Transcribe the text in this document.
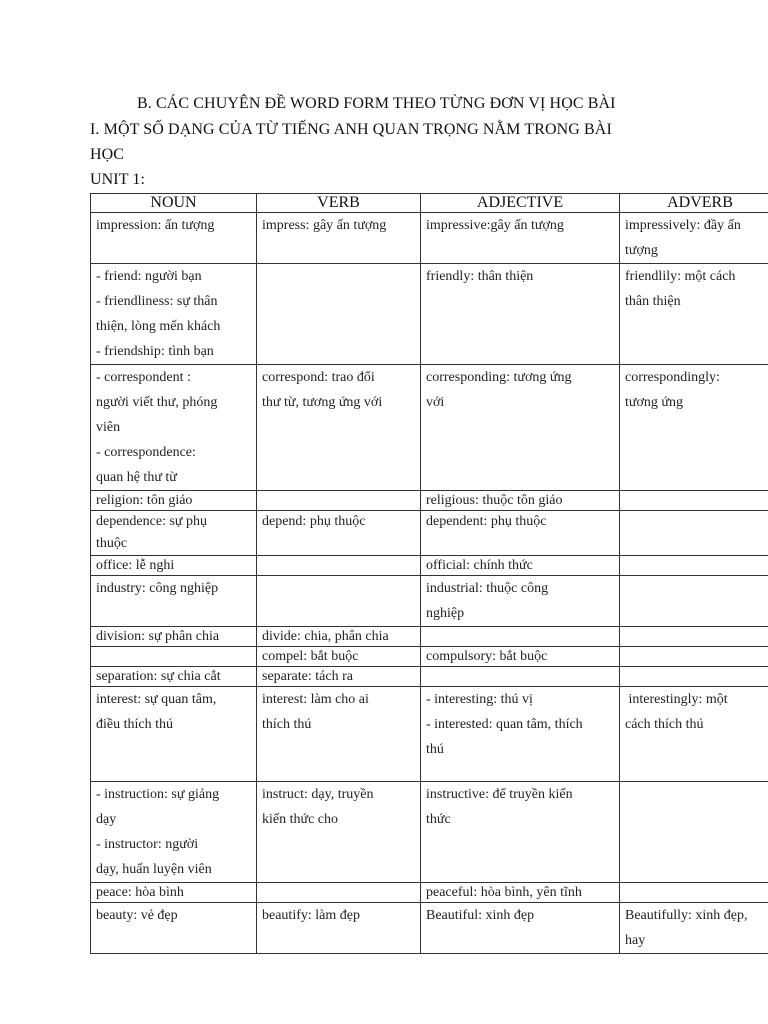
B. CÁC CHUYÊN ĐỀ WORD FORM THEO TỪNG ĐƠN VỊ HỌC BÀI
I. MỘT SỐ DẠNG CỦA TỪ TIẾNG ANH QUAN TRỌNG NẰM TRONG BÀI
HỌC
UNIT 1:
NOUN	VERB	ADJECTIVE	ADVERB

impression: ấn tượng	impress: gây ấn tượng	impressive:gây ấn tượng	impressively: đầy ấn
tượng

- friend: người bạn
- friendliness: sự thân
thiện, lòng mến khách
- friendship: tình bạn		friendly: thân thiện	friendlily: một cách
thân thiện

- correspondent :
người viết thư, phóng
viên
- correspondence:
quan hệ thư từ	correspond: trao đổi
thư từ, tương ứng với	corresponding: tương ứng
với	correspondingly:
tương ứng

religion: tôn giáo		religious: thuộc tôn giáo	

dependence: sự phụ
thuộc	depend: phụ thuộc	dependent: phụ thuộc	

office: lễ nghi		official: chính thức	

industry: công nghiệp		industrial: thuộc công
nghiệp	

division: sự phân chia	divide: chia, phân chia		

	compel: bắt buộc	compulsory: bắt buộc	

separation: sự chia cắt	separate: tách ra		

interest: sự quan tâm,
điều thích thú	interest: làm cho ai
thích thú	- interesting: thú vị
- interested: quan tâm, thích
thú	interestingly: một
cách thích thú

- instruction: sự giảng
dạy
- instructor: người
dạy, huấn luyện viên	instruct: dạy, truyền
kiến thức cho	instructive: để truyền kiến
thức	

peace: hòa bình		peaceful: hòa bình, yên tĩnh	

beauty: vẻ đẹp	beautify: làm đẹp	Beautiful: xinh đẹp	Beautifully: xinh đẹp,
hay
